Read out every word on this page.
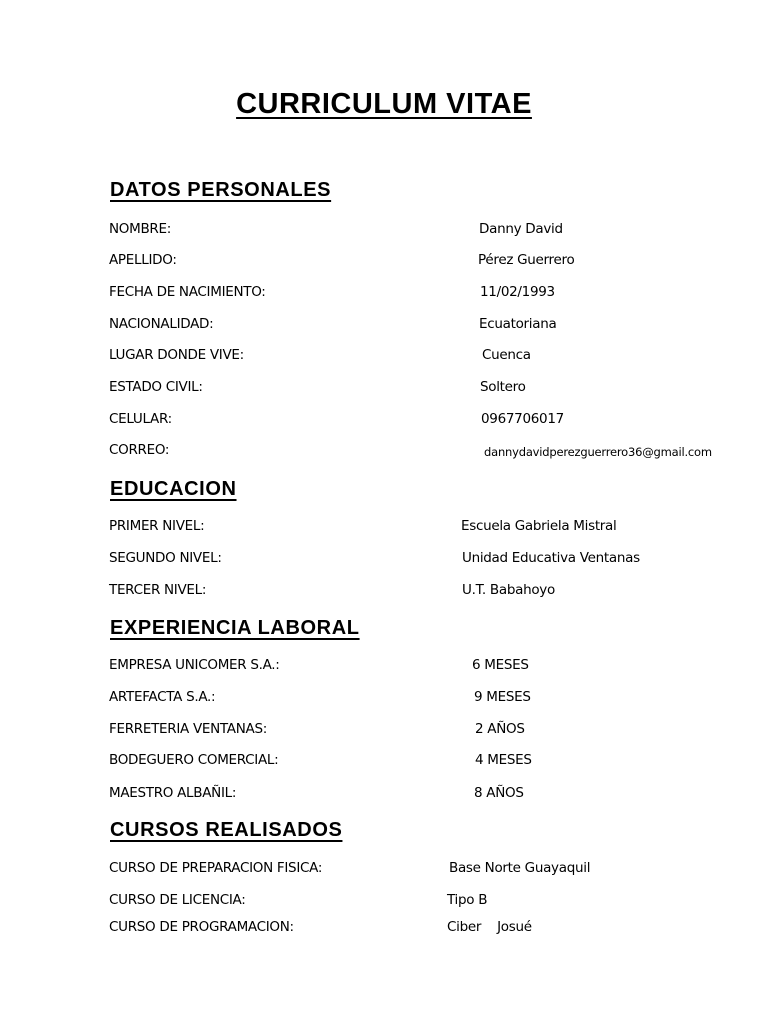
CURRICULUM VITAE
DATOS PERSONALES
NOMBRE:	Danny David
APELLIDO:	Pérez Guerrero
FECHA DE NACIMIENTO:	11/02/1993
NACIONALIDAD:	Ecuatoriana
LUGAR DONDE VIVE:	Cuenca
ESTADO CIVIL:	Soltero
CELULAR:	0967706017
CORREO:	dannydavidperezguerrero36@gmail.com
EDUCACION
PRIMER NIVEL:	Escuela Gabriela Mistral
SEGUNDO NIVEL:	Unidad Educativa Ventanas
TERCER NIVEL:	U.T. Babahoyo
EXPERIENCIA LABORAL
EMPRESA UNICOMER S.A.:	6 MESES
ARTEFACTA S.A.:	9 MESES
FERRETERIA VENTANAS:	2 AÑOS
BODEGUERO COMERCIAL:	4 MESES
MAESTRO ALBAÑIL:	8 AÑOS
CURSOS REALISADOS
CURSO DE PREPARACION FISICA:	Base Norte Guayaquil
CURSO DE LICENCIA:	Tipo B
CURSO DE PROGRAMACION:	Ciber    Josué
